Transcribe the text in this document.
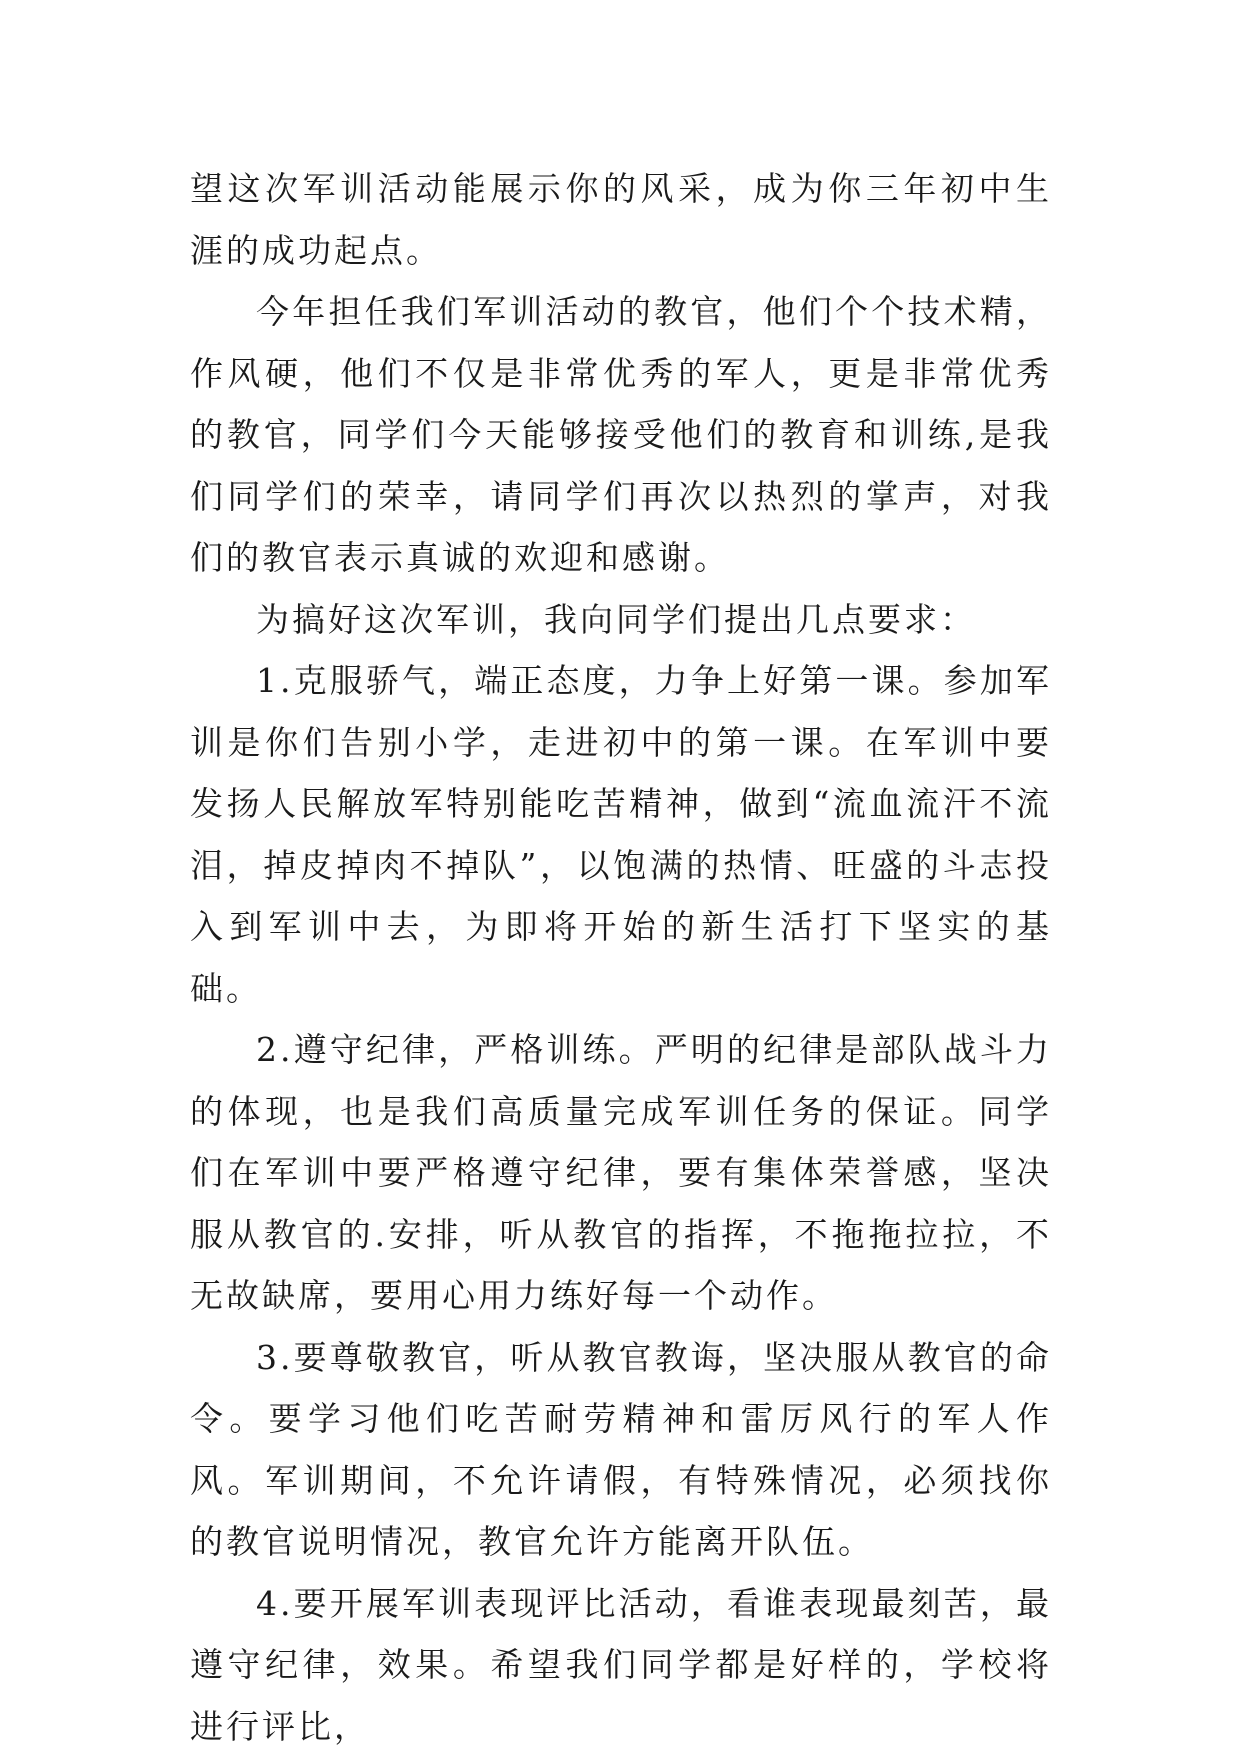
望这次军训活动能展示你的风采，成为你三年初中生涯的成功起点。

今年担任我们军训活动的教官，他们个个技术精，作风硬，他们不仅是非常优秀的军人，更是非常优秀的教官，同学们今天能够接受他们的教育和训练,是我们同学们的荣幸，请同学们再次以热烈的掌声，对我们的教官表示真诚的欢迎和感谢。

为搞好这次军训，我向同学们提出几点要求：

1.克服骄气，端正态度，力争上好第一课。参加军训是你们告别小学，走进初中的第一课。在军训中要发扬人民解放军特别能吃苦精神，做到“流血流汗不流泪，掉皮掉肉不掉队”，以饱满的热情、旺盛的斗志投入到军训中去，为即将开始的新生活打下坚实的基础。

2.遵守纪律，严格训练。严明的纪律是部队战斗力的体现，也是我们高质量完成军训任务的保证。同学们在军训中要严格遵守纪律，要有集体荣誉感，坚决服从教官的.安排，听从教官的指挥，不拖拖拉拉，不无故缺席，要用心用力练好每一个动作。

3.要尊敬教官，听从教官教诲，坚决服从教官的命令。要学习他们吃苦耐劳精神和雷厉风行的军人作风。军训期间，不允许请假，有特殊情况，必须找你的教官说明情况，教官允许方能离开队伍。

4.要开展军训表现评比活动，看谁表现最刻苦，最遵守纪律，效果。希望我们同学都是好样的，学校将进行评比，
